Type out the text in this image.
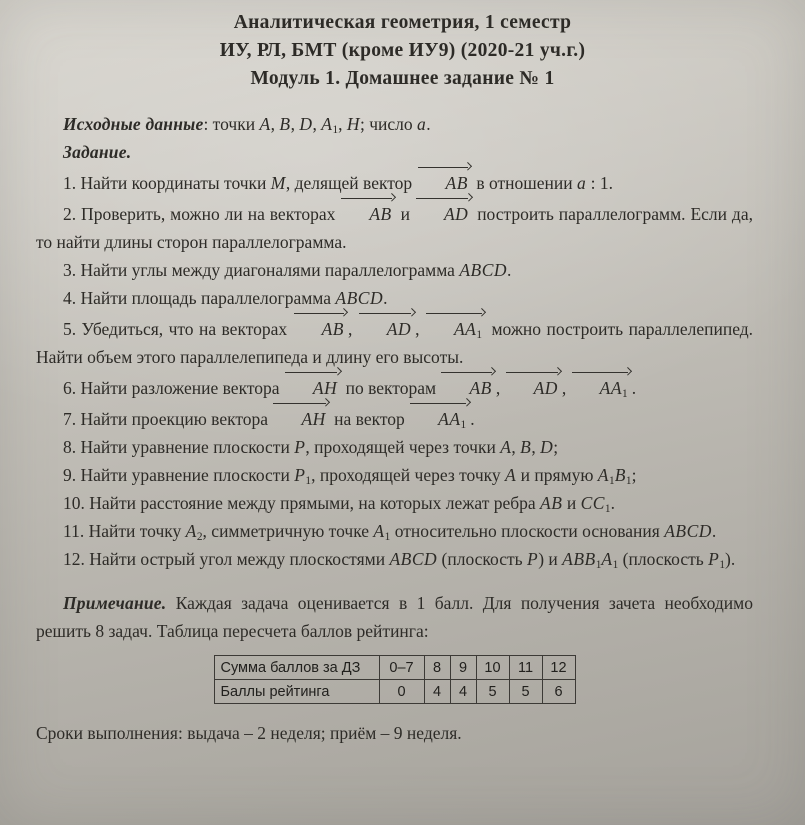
Аналитическая геометрия, 1 семестр
ИУ, РЛ, БМТ (кроме ИУ9) (2020-21 уч.г.)
Модуль 1. Домашнее задание № 1

Исходные данные: точки A, B, D, $A_1$, H; число a.

Задание.

1. Найти координаты точки M, делящей вектор AB в отношении a : 1.

2. Проверить, можно ли на векторах AB и AD построить параллелограмм. Если да, то найти длины сторон параллелограмма.

3. Найти углы между диагоналями параллелограмма ABCD.

4. Найти площадь параллелограмма ABCD.

5. Убедиться, что на векторах AB , AD , $AA_1$ можно построить параллелепипед. Найти объем этого параллелепипеда и длину его высоты.

6. Найти разложение вектора AH по векторам AB , AD , $AA_1$ .

7. Найти проекцию вектора AH на вектор $AA_1$ .

8. Найти уравнение плоскости P, проходящей через точки A, B, D;

9. Найти уравнение плоскости $P_1$, проходящей через точку A и прямую $A_1B_1$;

10. Найти расстояние между прямыми, на которых лежат ребра AB и $CC_1$.

11. Найти точку $A_2$, симметричную точке $A_1$ относительно плоскости основания ABCD.

12. Найти острый угол между плоскостями ABCD (плоскость P) и $ABB_1A_1$ (плоскость $P_1$).

Примечание. Каждая задача оценивается в 1 балл. Для получения зачета необходимо решить 8 задач. Таблица пересчета баллов рейтинга:

Сумма баллов за ДЗ	0–7	8	9	10	11	12
Баллы рейтинга	0	4	4	5	5	6

Сроки выполнения: выдача – 2 неделя; приём – 9 неделя.
